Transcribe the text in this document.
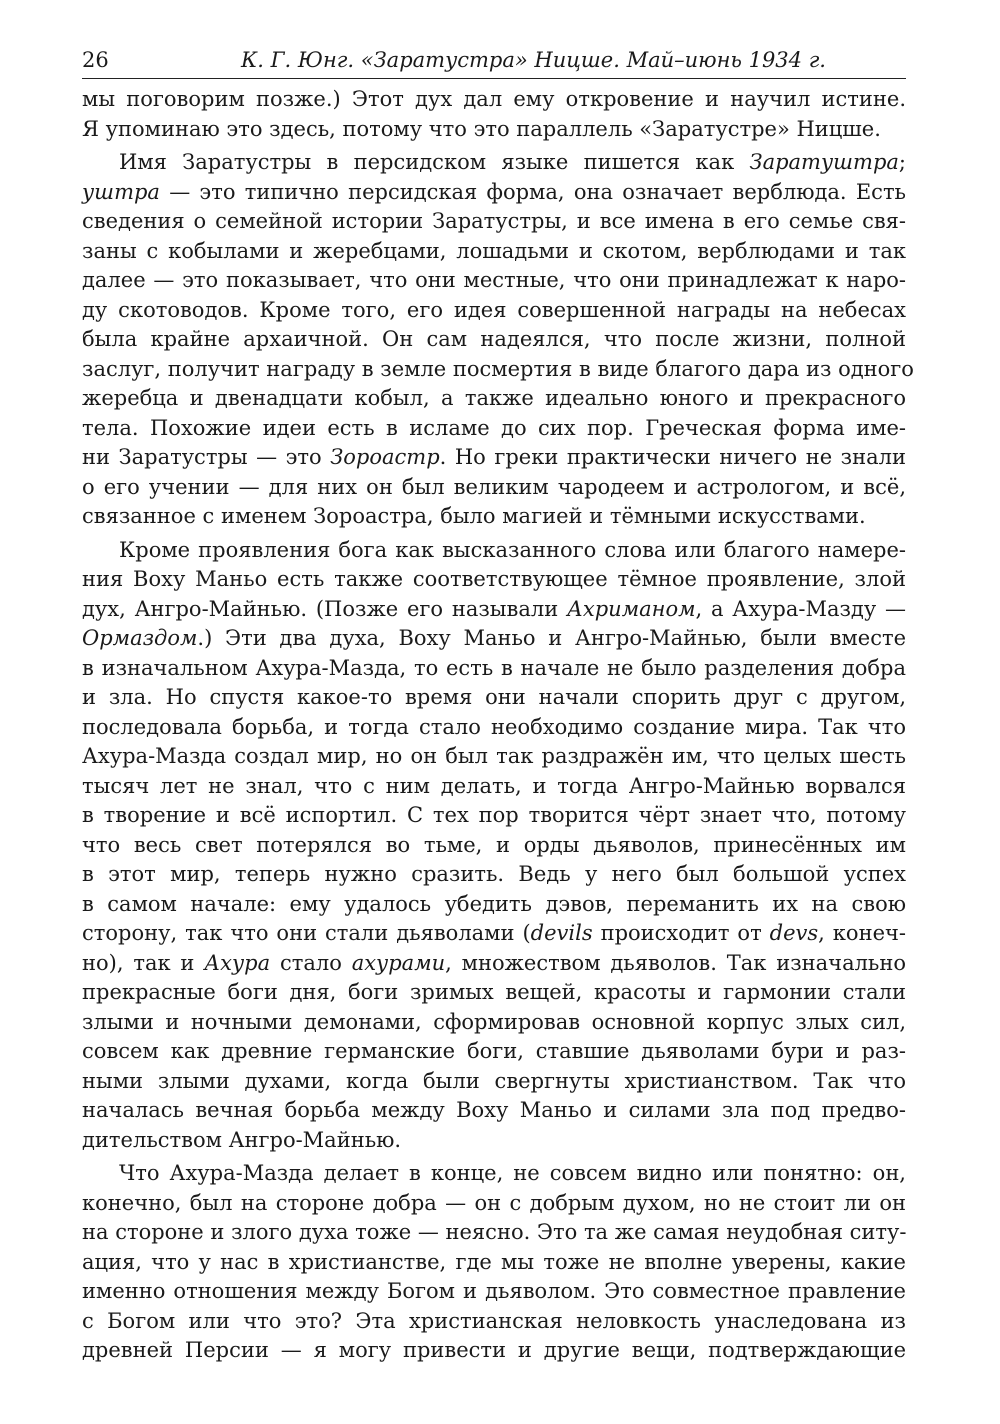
26	К. Г. Юнг. «Заратустра» Ницше. Май–июнь 1934 г.
мы поговорим позже.) Этот дух дал ему откровение и научил истине.
Я упоминаю это здесь, потому что это параллель «Заратустре» Ницше.
Имя Заратустры в персидском языке пишется как Заратуштра;
уштра — это типично персидская форма, она означает верблюда. Есть
сведения о семейной истории Заратустры, и все имена в его семье свя-
заны с кобылами и жеребцами, лошадьми и скотом, верблюдами и так
далее — это показывает, что они местные, что они принадлежат к наро-
ду скотоводов. Кроме того, его идея совершенной награды на небесах
была крайне архаичной. Он сам надеялся, что после жизни, полной
заслуг, получит награду в земле посмертия в виде благого дара из одного
жеребца и двенадцати кобыл, а также идеально юного и прекрасного
тела. Похожие идеи есть в исламе до сих пор. Греческая форма име-
ни Заратустры — это Зороастр. Но греки практически ничего не знали
о его учении — для них он был великим чародеем и астрологом, и всё,
связанное с именем Зороастра, было магией и тёмными искусствами.
Кроме проявления бога как высказанного слова или благого намере-
ния Воху Маньо есть также соответствующее тёмное проявление, злой
дух, Ангро-Майнью. (Позже его называли Ахриманом, а Ахура-Мазду —
Ормаздом.) Эти два духа, Воху Маньо и Ангро-Майнью, были вместе
в изначальном Ахура-Мазда, то есть в начале не было разделения добра
и зла. Но спустя какое-то время они начали спорить друг с другом,
последовала борьба, и тогда стало необходимо создание мира. Так что
Ахура-Мазда создал мир, но он был так раздражён им, что целых шесть
тысяч лет не знал, что с ним делать, и тогда Ангро-Майнью ворвался
в творение и всё испортил. С тех пор творится чёрт знает что, потому
что весь свет потерялся во тьме, и орды дьяволов, принесённых им
в этот мир, теперь нужно сразить. Ведь у него был большой успех
в самом начале: ему удалось убедить дэвов, переманить их на свою
сторону, так что они стали дьяволами (devils происходит от devs, конеч-
но), так и Ахура стало ахурами, множеством дьяволов. Так изначально
прекрасные боги дня, боги зримых вещей, красоты и гармонии стали
злыми и ночными демонами, сформировав основной корпус злых сил,
совсем как древние германские боги, ставшие дьяволами бури и раз-
ными злыми духами, когда были свергнуты христианством. Так что
началась вечная борьба между Воху Маньо и силами зла под предво-
дительством Ангро-Майнью.
Что Ахура-Мазда делает в конце, не совсем видно или понятно: он,
конечно, был на стороне добра — он с добрым духом, но не стоит ли он
на стороне и злого духа тоже — неясно. Это та же самая неудобная ситу-
ация, что у нас в христианстве, где мы тоже не вполне уверены, какие
именно отношения между Богом и дьяволом. Это совместное правление
с Богом или что это? Эта христианская неловкость унаследована из
древней Персии — я могу привести и другие вещи, подтверждающие
